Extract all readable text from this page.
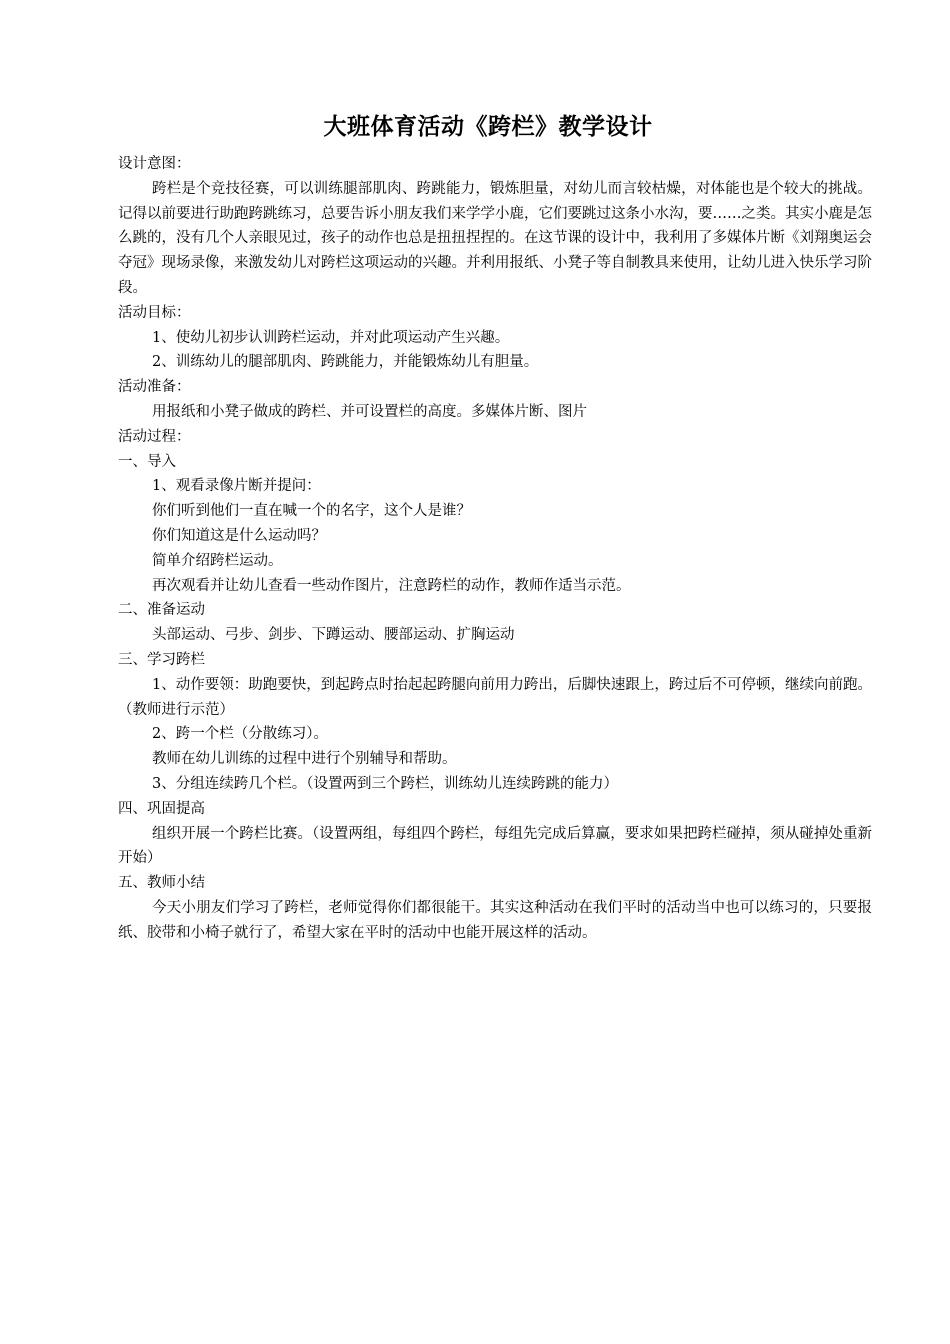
大班体育活动《跨栏》教学设计

设计意图：

跨栏是个竞技径赛，可以训练腿部肌肉、跨跳能力，锻炼胆量，对幼儿而言较枯燥，对体能也是个较大的挑战。记得以前要进行助跑跨跳练习，总要告诉小朋友我们来学学小鹿，它们要跳过这条小水沟，要……之类。其实小鹿是怎么跳的，没有几个人亲眼见过，孩子的动作也总是扭扭捏捏的。在这节课的设计中，我利用了多媒体片断《刘翔奥运会夺冠》现场录像，来激发幼儿对跨栏这项运动的兴趣。并利用报纸、小凳子等自制教具来使用，让幼儿进入快乐学习阶段。

活动目标：

1、使幼儿初步认训跨栏运动，并对此项运动产生兴趣。

2、训练幼儿的腿部肌肉、跨跳能力，并能锻炼幼儿有胆量。

活动准备：

用报纸和小凳子做成的跨栏、并可设置栏的高度。多媒体片断、图片

活动过程：

一、导入

1、观看录像片断并提问：

你们听到他们一直在喊一个的名字，这个人是谁？

你们知道这是什么运动吗？

简单介绍跨栏运动。

再次观看并让幼儿查看一些动作图片，注意跨栏的动作，教师作适当示范。

二、准备运动

头部运动、弓步、剑步、下蹲运动、腰部运动、扩胸运动

三、学习跨栏

1、动作要领：助跑要快，到起跨点时抬起起跨腿向前用力跨出，后脚快速跟上，跨过后不可停顿，继续向前跑。（教师进行示范）

2、跨一个栏（分散练习）。

教师在幼儿训练的过程中进行个别辅导和帮助。

3、分组连续跨几个栏。（设置两到三个跨栏，训练幼儿连续跨跳的能力）

四、巩固提高

组织开展一个跨栏比赛。（设置两组，每组四个跨栏，每组先完成后算赢，要求如果把跨栏碰掉，须从碰掉处重新开始）

五、教师小结

今天小朋友们学习了跨栏，老师觉得你们都很能干。其实这种活动在我们平时的活动当中也可以练习的，只要报纸、胶带和小椅子就行了，希望大家在平时的活动中也能开展这样的活动。
